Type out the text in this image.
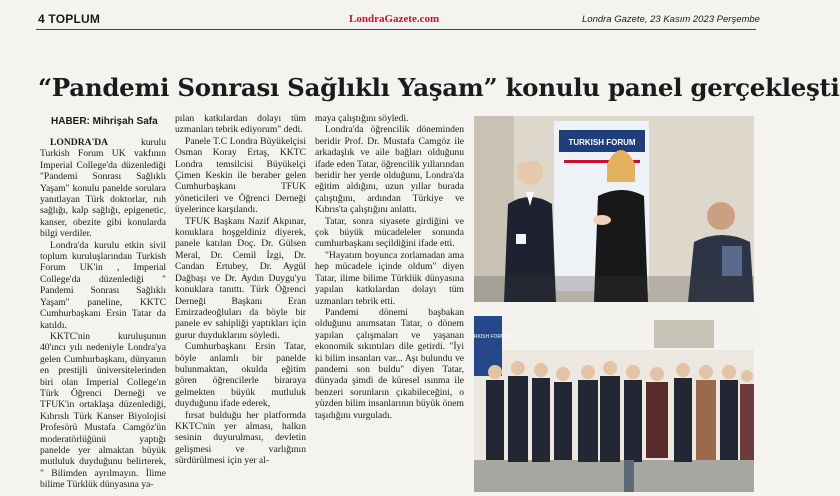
4 TOPLUM	LondraGazete.com	Londra Gazete, 23 Kasım 2023 Perşembe
“Pandemi Sonrası Sağlıklı Yaşam” konulu panel gerçekleşti
HABER: Mihrişah Safa

LONDRA'DA kurulu Turkish Forum UK vakfının Imperial College'da düzenlediği "Pandemi Sonrası Sağlıklı Yaşam" konulu panelde sorulara yanıtlayan Türk doktorlar, ruh sağlığı, kalp sağlığı, epigenetic, kanser, obezite gibi konularda bilgi verdiler.

Londra'da kurulu etkin sivil toplum kuruluşlarından Turkish Forum UK'in , Imperial College'da düzenlediği " Pandemi Sonrası Sağlıklı Yaşam" paneline, KKTC Cumhurbaşkanı Ersin Tatar da katıldı.

KKTC'nin kuruluşunun 40'ıncı yılı nedeniyle Londra'ya gelen Cumhurbaşkanı, dünyanın en prestijli üniversitelerinden biri olan Imperial College'ın Türk Öğrenci Derneği ve TFUK'in ortaklaşa düzenlediği, Kıbrıslı Türk Kanser Biyolojisi Profesörü Mustafa Camgöz'ün moderatörlüğünü yaptığı panelde yer almaktan büyük mutluluk duyduğunu belirterek, " Bilimden ayrılmayın. İlime bilime Türklük dünyasına ya-

pılan katkılardan dolayı tüm uzmanları tebrik ediyorum" dedi.

Panele T.C Londra Büyükelçisi Osman Koray Ertaş, KKTC Londra temsilcisi Büyükelçi Çimen Keskin ile beraber gelen Cumhurbaşkanı TFUK yöneticileri ve Öğrenci Derneği üyelerince karşılandı.

TFUK Başkanı Nazif Akpınar, konuklara hoşgeldiniz diyerek, panele katılan Doç. Dr. Gülsen Meral, Dr. Cemil İzgi, Dr. Candan Ertubey, Dr. Aygül Dağbaşı ve Dr. Aydın Duygu'yu konuklara tanıttı. Türk Öğrenci Derneği Başkanı Eran Emirzadeoğluları da böyle bir panele ev sahipliği yaptıkları için gurur duyduklarını söyledi.

Cumhurbaşkanı Ersin Tatar, böyle anlamlı bir panelde bulunmaktan, okulda eğitim gören öğrencilerle biraraya gelmekten büyük mutluluk duyduğunu ifade ederek,

fırsat bulduğu her platformda KKTC'nin yer alması, halkın sesinin duyurulması, devletin gelişmesi ve varlığının sürdürülmesi için yer al-

maya çalıştığını söyledi.

Londra'da öğrencilik döneminden beridir Prof. Dr. Mustafa Camgöz ile arkadaşlık ve aile bağları olduğunu ifade eden Tatar, öğrencilik yıllarından beridir her yerde olduğunu, Londra'da eğitim aldığını, uzun yıllar burada çalıştığını, ardından Türkiye ve Kıbrıs'ta çalıştığını anlattı.

Tatar, sonra siyasete girdiğini ve çok büyük mücadeleler sonunda cumhurbaşkanı seçildiğini ifade etti.

"Hayatım boyunca zorlamadan ama hep mücadele içinde oldum" diyen Tatar, ilime bilime Türklük dünyasına yapılan katkılardan dolayı tüm uzmanları tebrik etti.

Pandemi dönemi başbakan olduğunu anımsatan Tatar, o dönem yapılan çalışmaları ve yaşanan ekonomik sıkıntıları dile getirdi. "İyi ki bilim insanları var... Aşı bulundu ve pandemi son buldu" diyen Tatar, dünyada şimdi de küresel ısınma ile benzeri sorunların çıkabileceğini, o yüzden bilim insanlarının büyük önem taşıdığını vurguladı.

TURKISH FORUM
TURKISH FORUM
